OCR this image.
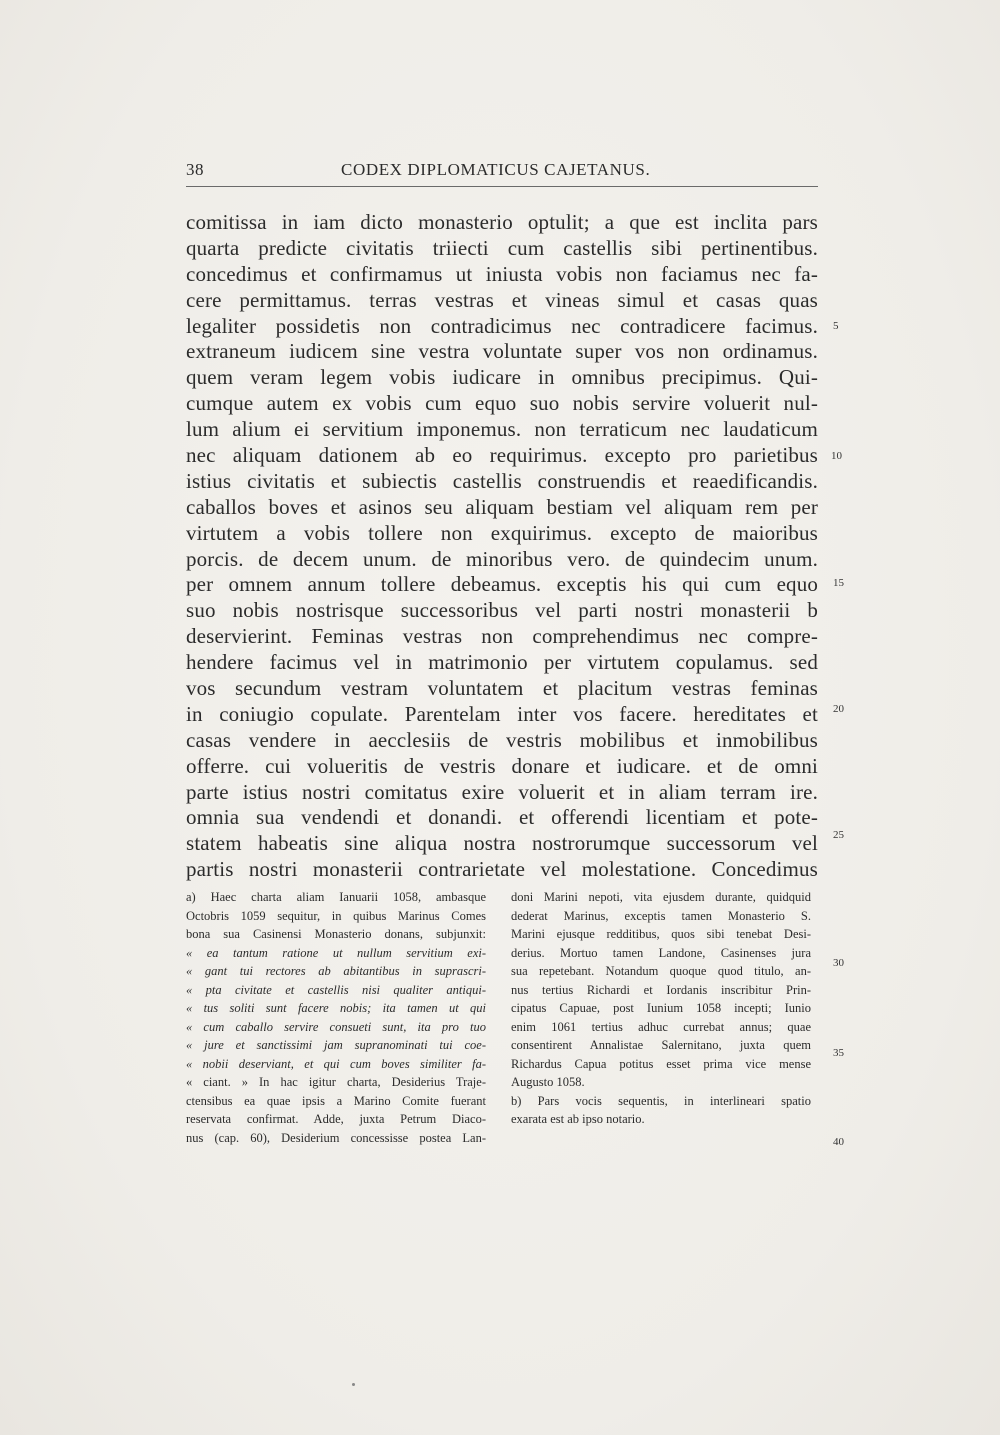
38	CODEX DIPLOMATICUS CAJETANUS.
comitissa in iam dicto monasterio optulit; a que est inclita pars
quarta predicte civitatis triiecti cum castellis sibi pertinentibus.
concedimus et confirmamus ut iniusta vobis non faciamus nec fa-
cere permittamus. terras vestras et vineas simul et casas quas
legaliter possidetis non contradicimus nec contradicere facimus.
extraneum iudicem sine vestra voluntate super vos non ordinamus.
quem veram legem vobis iudicare in omnibus precipimus. Qui-
cumque autem ex vobis cum equo suo nobis servire voluerit nul-
lum alium ei servitium imponemus. non terraticum nec laudaticum
nec aliquam dationem ab eo requirimus. excepto pro parietibus
istius civitatis et subiectis castellis construendis et reaedificandis.
caballos boves et asinos seu aliquam bestiam vel aliquam rem per
virtutem a vobis tollere non exquirimus. excepto de maioribus
porcis. de decem unum. de minoribus vero. de quindecim unum.
per omnem annum tollere debeamus. exceptis his qui cum equo
suo nobis nostrisque successoribus vel parti nostri monasterii b
deservierint. Feminas vestras non comprehendimus nec compre-
hendere facimus vel in matrimonio per virtutem copulamus. sed
vos secundum vestram voluntatem et placitum vestras feminas
in coniugio copulate. Parentelam inter vos facere. hereditates et
casas vendere in aecclesiis de vestris mobilibus et inmobilibus
offerre. cui volueritis de vestris donare et iudicare. et de omni
parte istius nostri comitatus exire voluerit et in aliam terram ire.
omnia sua vendendi et donandi. et offerendi licentiam et pote-
statem habeatis sine aliqua nostra nostrorumque successorum vel
partis nostri monasterii contrarietate vel molestatione. Concedimus
5
10
15
20
25
30
35
40
a) Haec charta aliam Ianuarii 1058, ambasque
Octobris 1059 sequitur, in quibus Marinus Comes
bona sua Casinensi Monasterio donans, subjunxit:
« ea tantum ratione ut nullum servitium exi-
« gant tui rectores ab abitantibus in suprascri-
« pta civitate et castellis nisi qualiter antiqui-
« tus soliti sunt facere nobis; ita tamen ut qui
« cum caballo servire consueti sunt, ita pro tuo
« jure et sanctissimi jam supranominati tui coe-
« nobii deserviant, et qui cum boves similiter fa-
« ciant. » In hac igitur charta, Desiderius Traje-
ctensibus ea quae ipsis a Marino Comite fuerant
reservata confirmat. Adde, juxta Petrum Diaco-
nus (cap. 60), Desiderium concessisse postea Lan-
doni Marini nepoti, vita ejusdem durante, quidquid
dederat Marinus, exceptis tamen Monasterio S.
Marini ejusque redditibus, quos sibi tenebat Desi-
derius. Mortuo tamen Landone, Casinenses jura
sua repetebant. Notandum quoque quod titulo, an-
nus tertius Richardi et Iordanis inscribitur Prin-
cipatus Capuae, post Iunium 1058 incepti; Iunio
enim 1061 tertius adhuc currebat annus; quae
consentirent Annalistae Salernitano, juxta quem
Richardus Capua potitus esset prima vice mense
Augusto 1058.
b) Pars vocis sequentis, in interlineari spatio
exarata est ab ipso notario.
